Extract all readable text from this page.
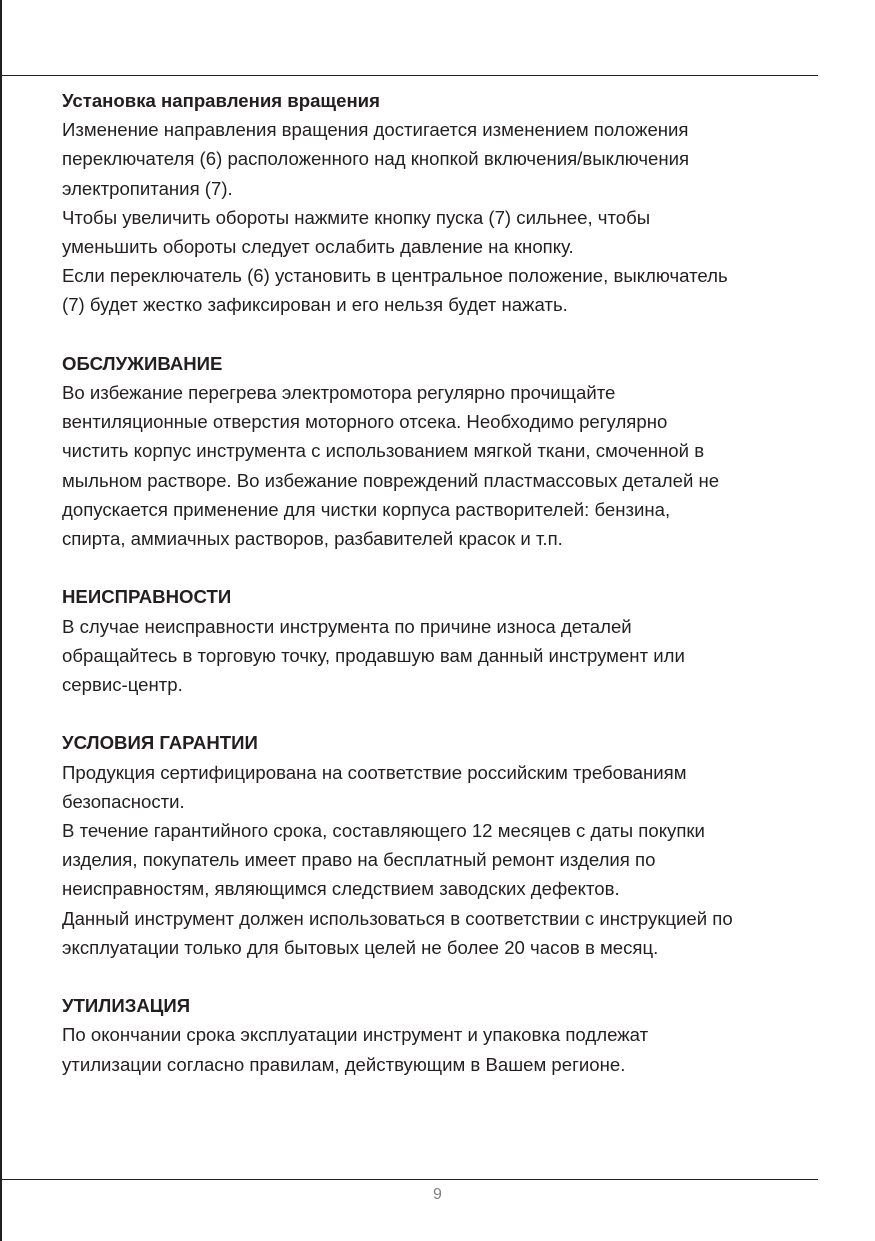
Установка направления вращения
Изменение направления вращения достигается изменением положения
переключателя (6) расположенного над кнопкой включения/выключения
электропитания (7).
Чтобы увеличить обороты нажмите кнопку пуска (7) сильнее, чтобы
уменьшить обороты следует ослабить давление на кнопку.
Если переключатель (6) установить в центральное положение, выключатель
(7) будет жестко зафиксирован и его нельзя будет нажать.
ОБСЛУЖИВАНИЕ
Во избежание перегрева электромотора регулярно прочищайте
вентиляционные отверстия моторного отсека. Необходимо регулярно
чистить корпус инструмента с использованием мягкой ткани, смоченной в
мыльном растворе. Во избежание повреждений пластмассовых деталей не
допускается применение для чистки корпуса растворителей: бензина,
спирта, аммиачных растворов, разбавителей красок и т.п.
НЕИСПРАВНОСТИ
В случае неисправности инструмента по причине износа деталей
обращайтесь в торговую точку, продавшую вам данный инструмент или
сервис-центр.
УСЛОВИЯ ГАРАНТИИ
Продукция сертифицирована на соответствие российским требованиям
безопасности.
В течение гарантийного срока, составляющего 12 месяцев с даты покупки
изделия, покупатель имеет право на бесплатный ремонт изделия по
неисправностям, являющимся следствием заводских дефектов.
Данный инструмент должен использоваться в соответствии с инструкцией по
эксплуатации только для бытовых целей не более 20 часов в месяц.
УТИЛИЗАЦИЯ
По окончании срока эксплуатации инструмент и упаковка подлежат
утилизации согласно правилам, действующим в Вашем регионе.
9
